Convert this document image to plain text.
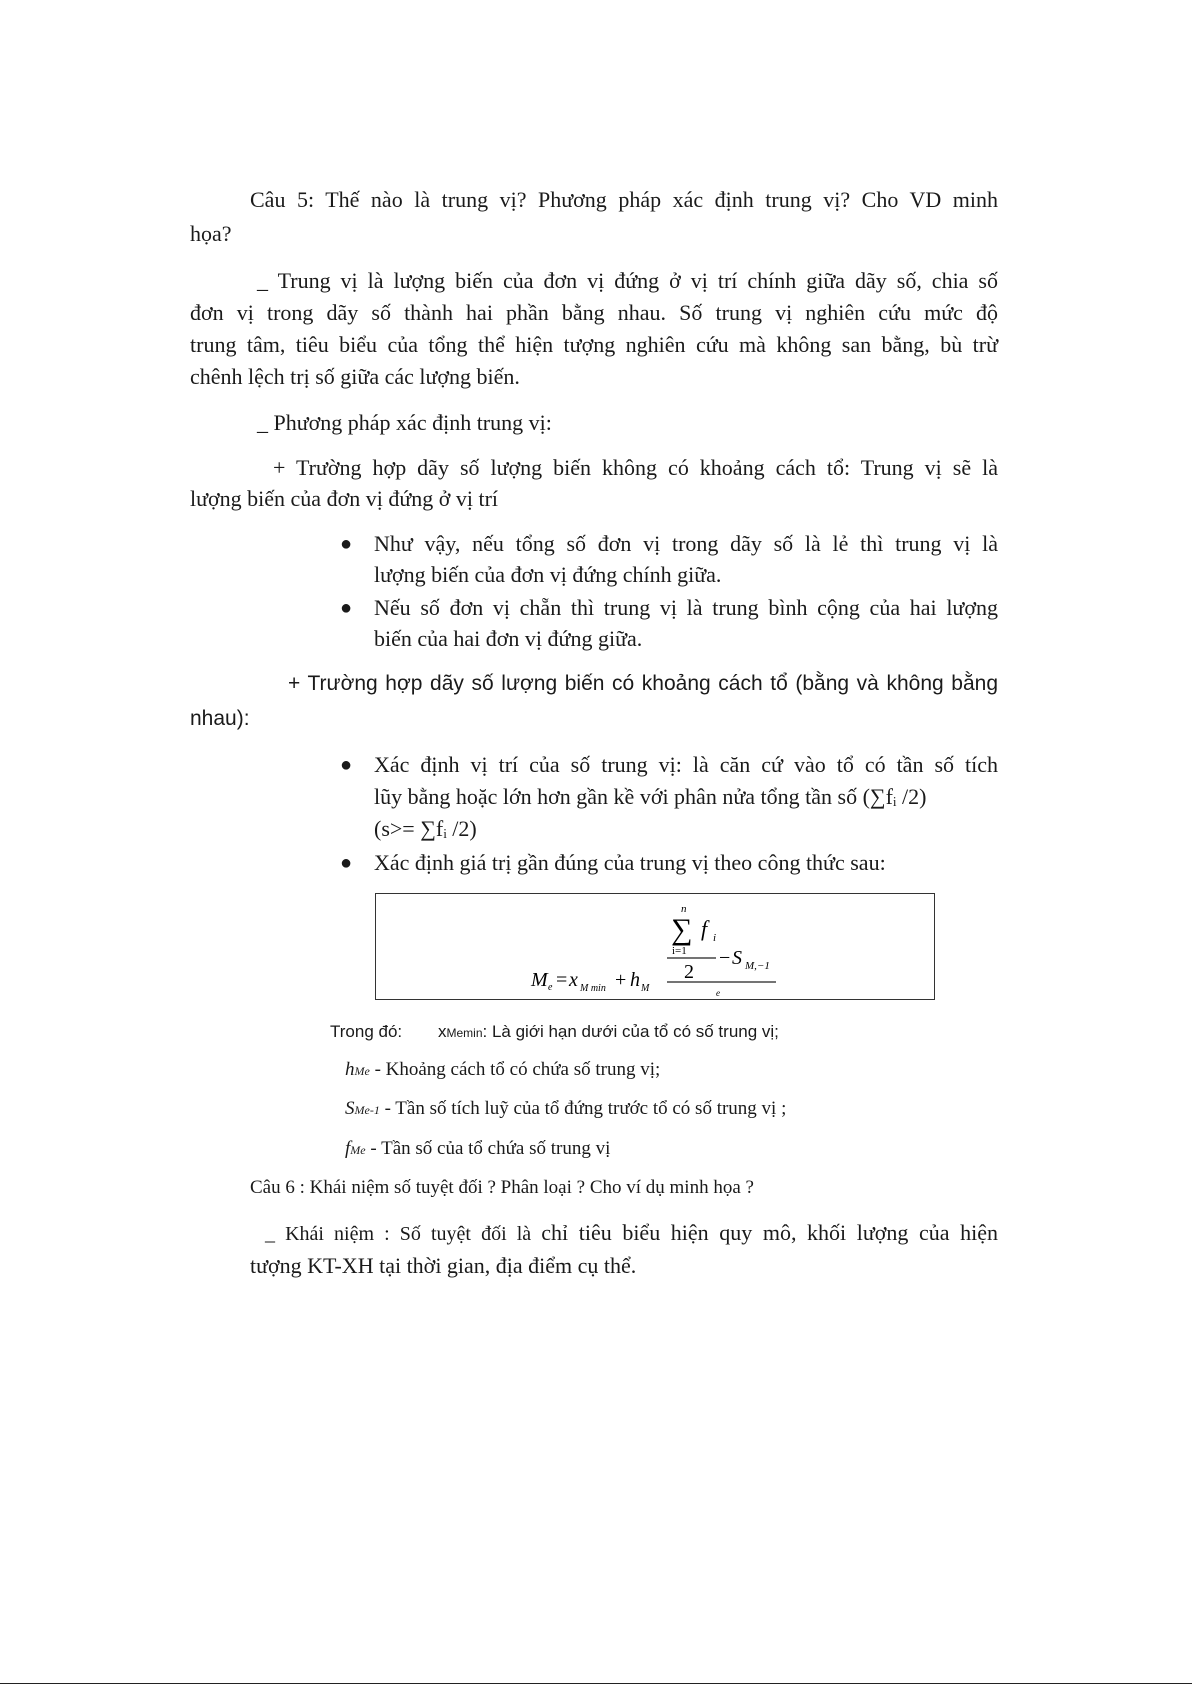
Câu 5: Thế nào là trung vị? Phương pháp xác định trung vị? Cho VD minh
họa?
_ Trung vị là lượng biến của đơn vị đứng ở vị trí chính giữa dãy số, chia số
đơn vị trong dãy số thành hai phần bằng nhau. Số trung vị nghiên cứu mức độ
trung tâm, tiêu biểu của tổng thể hiện tượng nghiên cứu mà không san bằng, bù trừ
chênh lệch trị số giữa các lượng biến.
_ Phương pháp xác định trung vị:
+ Trường hợp dãy số lượng biến không có khoảng cách tổ: Trung vị sẽ là
lượng biến của đơn vị đứng ở vị trí
● Như vậy, nếu tổng số đơn vị trong dãy số là lẻ thì trung vị là
lượng biến của đơn vị đứng chính giữa.
● Nếu số đơn vị chẵn thì trung vị là trung bình cộng của hai lượng
biến của hai đơn vị đứng giữa.
+ Trường hợp dãy số lượng biến có khoảng cách tổ (bằng và không bằng
nhau):
● Xác định vị trí của số trung vị: là căn cứ vào tổ có tần số tích
lũy bằng hoặc lớn hơn gần kề với phân nửa tổng tần số (∑fᵢ /2)
(s>= ∑fᵢ /2)
● Xác định giá trị gần đúng của trung vị theo công thức sau:
n
∑ f i
i=1
2
− S M,−1
e
M e = x M min + h M
Trong đó: xMemin: Là giới hạn dưới của tổ có số trung vị;
hMe - Khoảng cách tổ có chứa số trung vị;
SMe-1 - Tần số tích luỹ của tổ đứng trước tổ có số trung vị ;
fMe - Tần số của tổ chứa số trung vị
Câu 6 : Khái niệm số tuyệt đối ? Phân loại ? Cho ví dụ minh họa ?
_ Khái niệm : Số tuyệt đối là chỉ tiêu biểu hiện quy mô, khối lượng của hiện
tượng KT-XH tại thời gian, địa điểm cụ thể.
